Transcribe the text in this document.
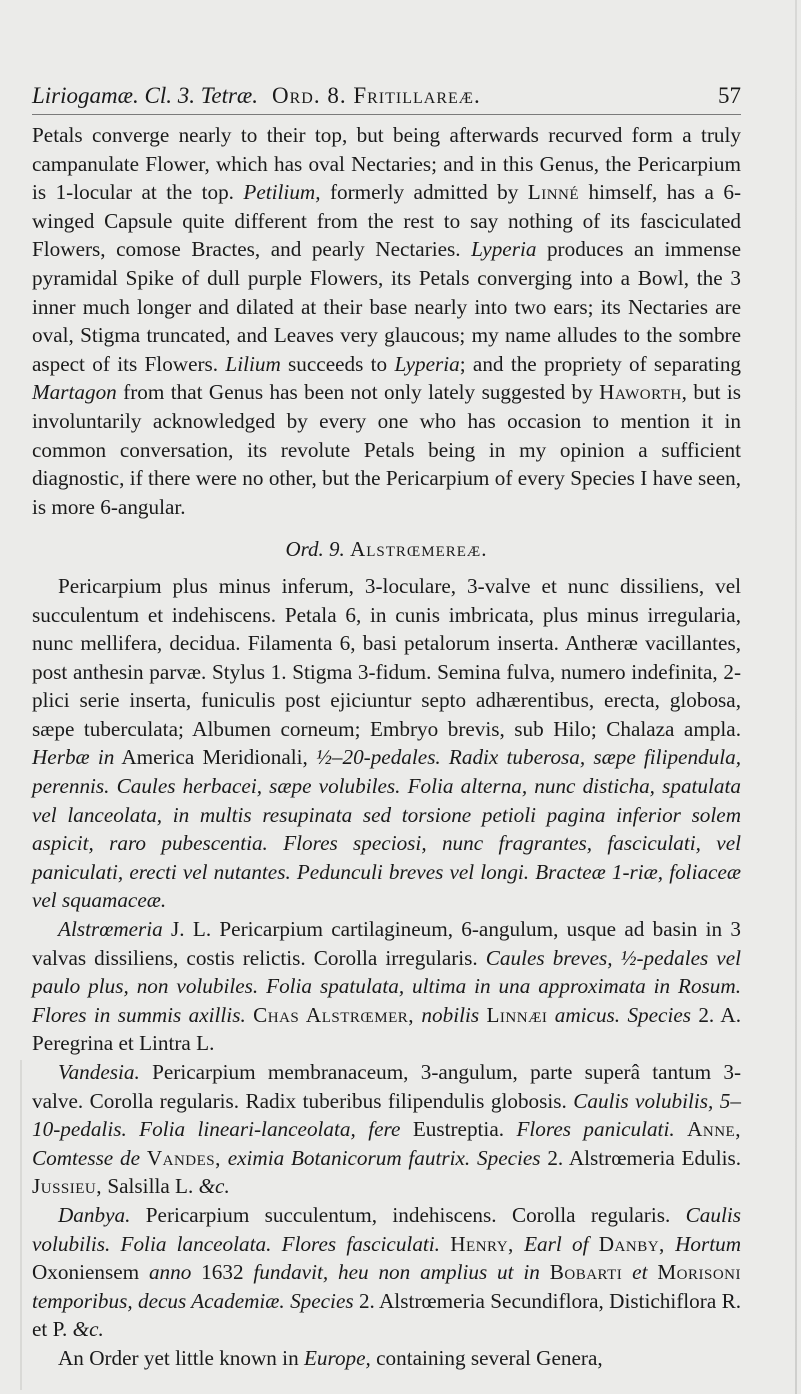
Liriogamæ. Cl. 3. Tetræ. Ord. 8. Fritillareæ.	57

Petals converge nearly to their top, but being afterwards recurved form a truly campanulate Flower, which has oval Nectaries; and in this Genus, the Pericarpium is 1-locular at the top. Petilium, formerly admitted by Linné himself, has a 6-winged Capsule quite different from the rest to say nothing of its fasciculated Flowers, comose Bractes, and pearly Nectaries. Lyperia produces an immense pyramidal Spike of dull purple Flowers, its Petals converging into a Bowl, the 3 inner much longer and dilated at their base nearly into two ears; its Nectaries are oval, Stigma truncated, and Leaves very glaucous; my name alludes to the sombre aspect of its Flowers. Lilium succeeds to Lyperia; and the propriety of separating Martagon from that Genus has been not only lately suggested by Haworth, but is involuntarily acknowledged by every one who has occasion to mention it in common conversation, its revolute Petals being in my opinion a sufficient diagnostic, if there were no other, but the Pericarpium of every Species I have seen, is more 6-angular.

Ord. 9. Alstrœmereæ.

Pericarpium plus minus inferum, 3-loculare, 3-valve et nunc dissiliens, vel succulentum et indehiscens. Petala 6, in cunis imbricata, plus minus irregularia, nunc mellifera, decidua. Filamenta 6, basi petalorum inserta. Antheræ vacillantes, post anthesin parvæ. Stylus 1. Stigma 3-fidum. Semina fulva, numero indefinita, 2-plici serie inserta, funiculis post ejiciuntur septo adhærentibus, erecta, globosa, sæpe tuberculata; Albumen corneum; Embryo brevis, sub Hilo; Chalaza ampla. Herbæ in America Meridionali, ½–20-pedales. Radix tuberosa, sæpe filipendula, perennis. Caules herbacei, sæpe volubiles. Folia alterna, nunc disticha, spatulata vel lanceolata, in multis resupinata sed torsione petioli pagina inferior solem aspicit, raro pubescentia. Flores speciosi, nunc fragrantes, fasciculati, vel paniculati, erecti vel nutantes. Pedunculi breves vel longi. Bracteæ 1-riæ, foliaceæ vel squamaceæ.

Alstrœmeria J. L. Pericarpium cartilagineum, 6-angulum, usque ad basin in 3 valvas dissiliens, costis relictis. Corolla irregularis. Caules breves, ½-pedales vel paulo plus, non volubiles. Folia spatulata, ultima in una approximata in Rosum. Flores in summis axillis. Chas Alstrœmer, nobilis Linnæi amicus. Species 2. A. Peregrina et Lintra L.

Vandesia. Pericarpium membranaceum, 3-angulum, parte superâ tantum 3-valve. Corolla regularis. Radix tuberibus filipendulis globosis. Caulis volubilis, 5–10-pedalis. Folia lineari-lanceolata, fere Eustreptia. Flores paniculati. Anne, Comtesse de Vandes, eximia Botanicorum fautrix. Species 2. Alstrœmeria Edulis. Jussieu, Salsilla L. &c.

Danbya. Pericarpium succulentum, indehiscens. Corolla regularis. Caulis volubilis. Folia lanceolata. Flores fasciculati. Henry, Earl of Danby, Hortum Oxoniensem anno 1632 fundavit, heu non amplius ut in Bobarti et Morisoni temporibus, decus Academiæ. Species 2. Alstrœmeria Secundiflora, Distichiflora R. et P. &c.

An Order yet little known in Europe, containing several Genera,
